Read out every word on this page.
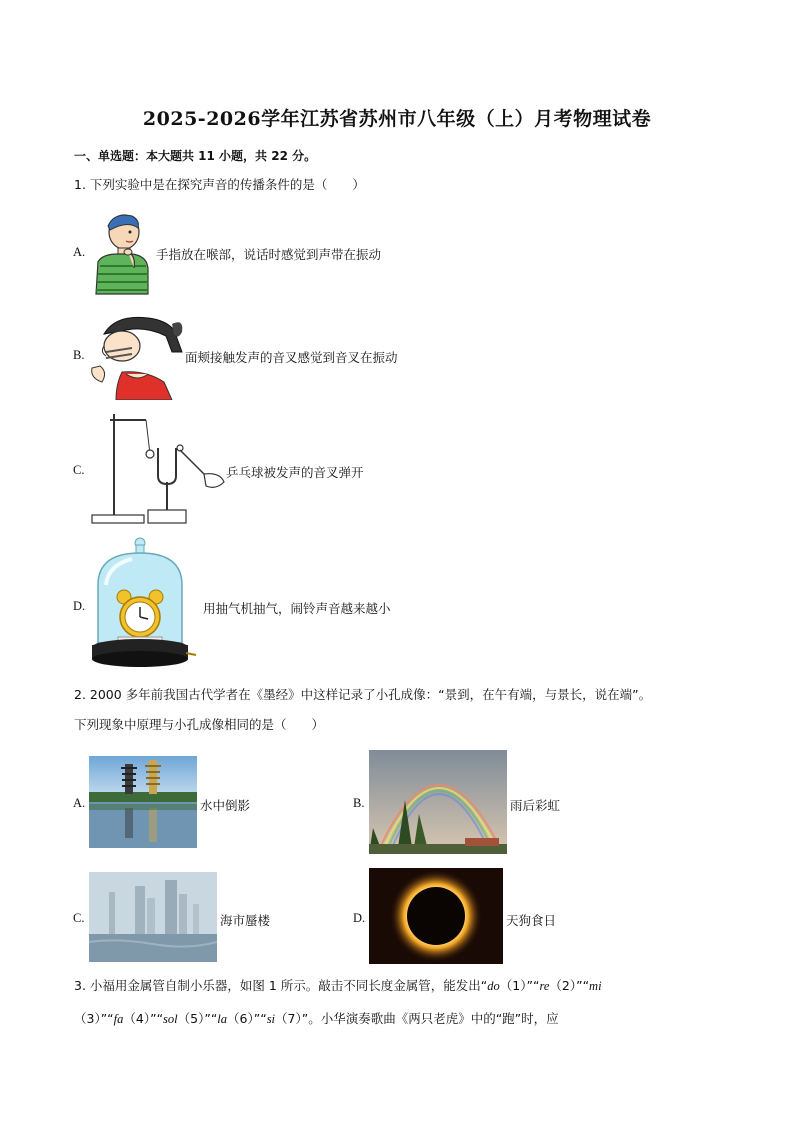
2025-2026学年江苏省苏州市八年级（上）月考物理试卷
一、单选题：本大题共 11 小题，共 22 分。
1. 下列实验中是在探究声音的传播条件的是（　　）
A.	手指放在喉部，说话时感觉到声带在振动
B.	面颊接触发声的音叉感觉到音叉在振动
C.	乒乓球被发声的音叉弹开
D.	用抽气机抽气，闹铃声音越来越小
2. 2000 多年前我国古代学者在《墨经》中这样记录了小孔成像：“景到，在午有端，与景长，说在端”。
下列现象中原理与小孔成像相同的是（　　）
A.	水中倒影	B.	雨后彩虹
C.	海市蜃楼	D.	天狗食日
3. 小福用金属管自制小乐器，如图 1 所示。敲击不同长度金属管，能发出“do（1）”“re（2）”“mi
（3）”“fa（4）”“sol（5）”“la（6）”“si（7）”。小华演奏歌曲《两只老虎》中的“跑”时，应
